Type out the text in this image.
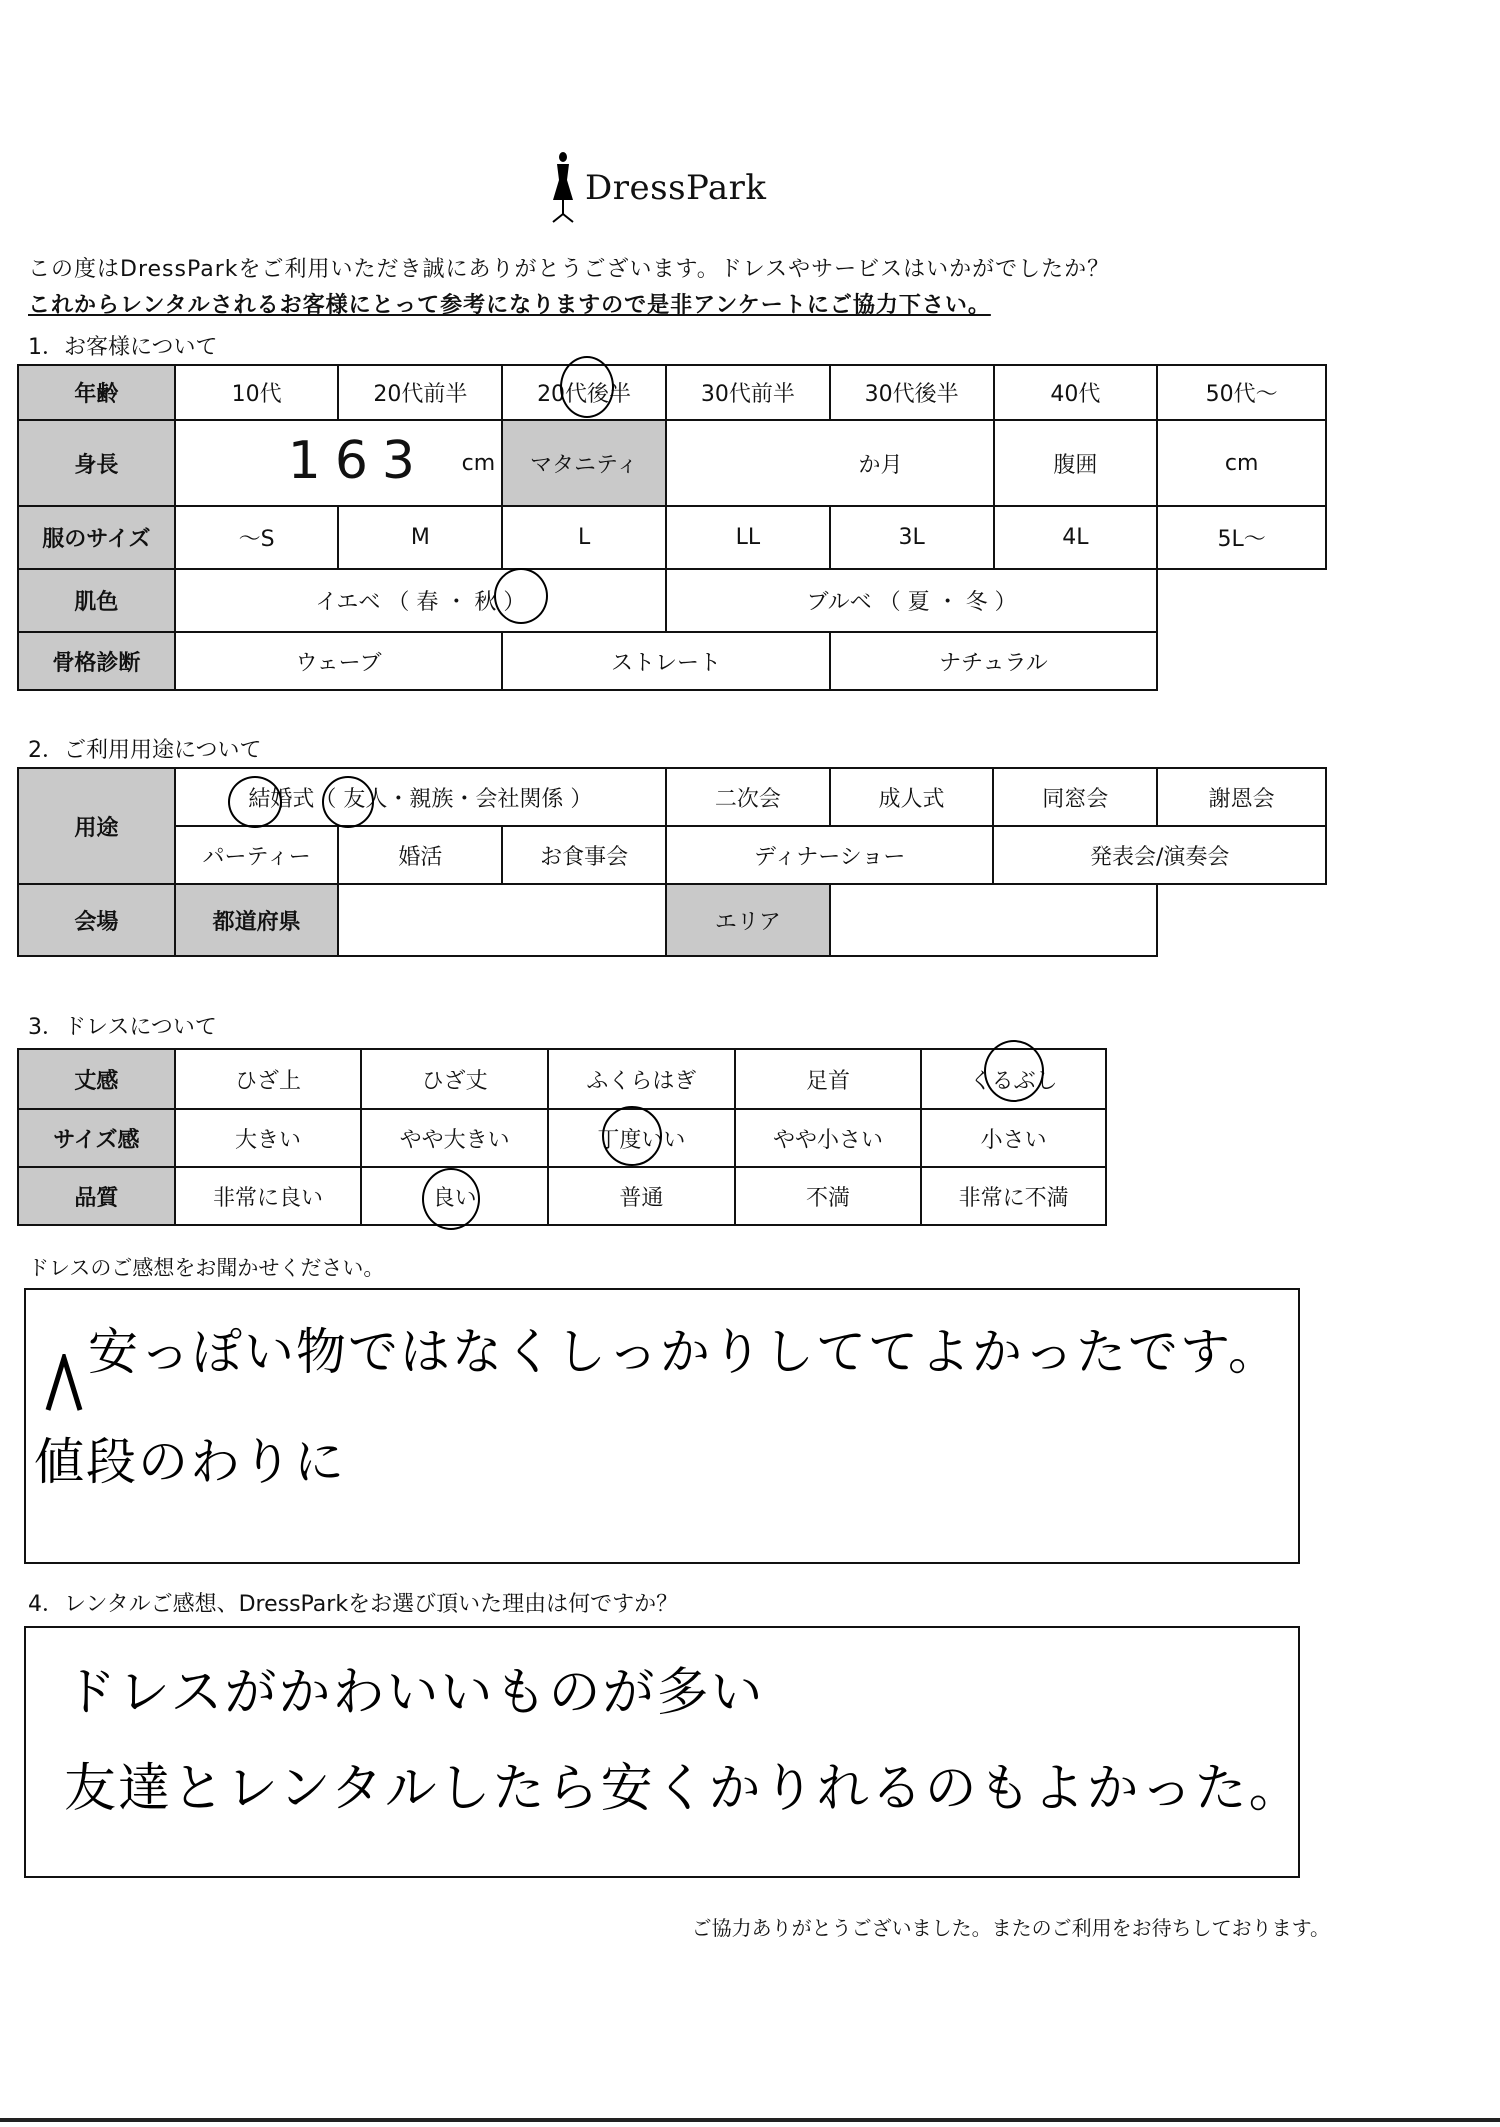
DressPark
この度はDressParkをご利用いただき誠にありがとうございます。ドレスやサービスはいかがでしたか？
これからレンタルされるお客様にとって参考になりますので是非アンケートにご協力下さい。
1．お客様について
年齢	10代	20代前半	20代後半	30代前半	30代後半	40代	50代～
身長	163 cm		マタニティ	か月		腹囲	cm
服のサイズ	～S	M	L	LL	3L	4L	5L～
肌色	イエベ （ 春 ・ 秋 ）			ブルベ （ 夏 ・ 冬 ）			
骨格診断	ウェーブ		ストレート		ナチュラル		
2．ご利用用途について
用途	結婚式（ 友人・親族・会社関係 ）			二次会	成人式	同窓会	謝恩会
	パーティー	婚活	お食事会	ディナーショー		発表会/演奏会	
会場	都道府県			エリア			
3．ドレスについて
丈感	ひざ上	ひざ丈	ふくらはぎ	足首	くるぶし
サイズ感	大きい	やや大きい	丁度いい	やや小さい	小さい
品質	非常に良い	良い	普通	不満	非常に不満
ドレスのご感想をお聞かせください。
安っぽい物ではなくしっかりしててよかったです。
値段のわりに
4．レンタルご感想、DressParkをお選び頂いた理由は何ですか？
ドレスがかわいいものが多い
友達とレンタルしたら安くかりれるのもよかった。
ご協力ありがとうございました。またのご利用をお待ちしております。
